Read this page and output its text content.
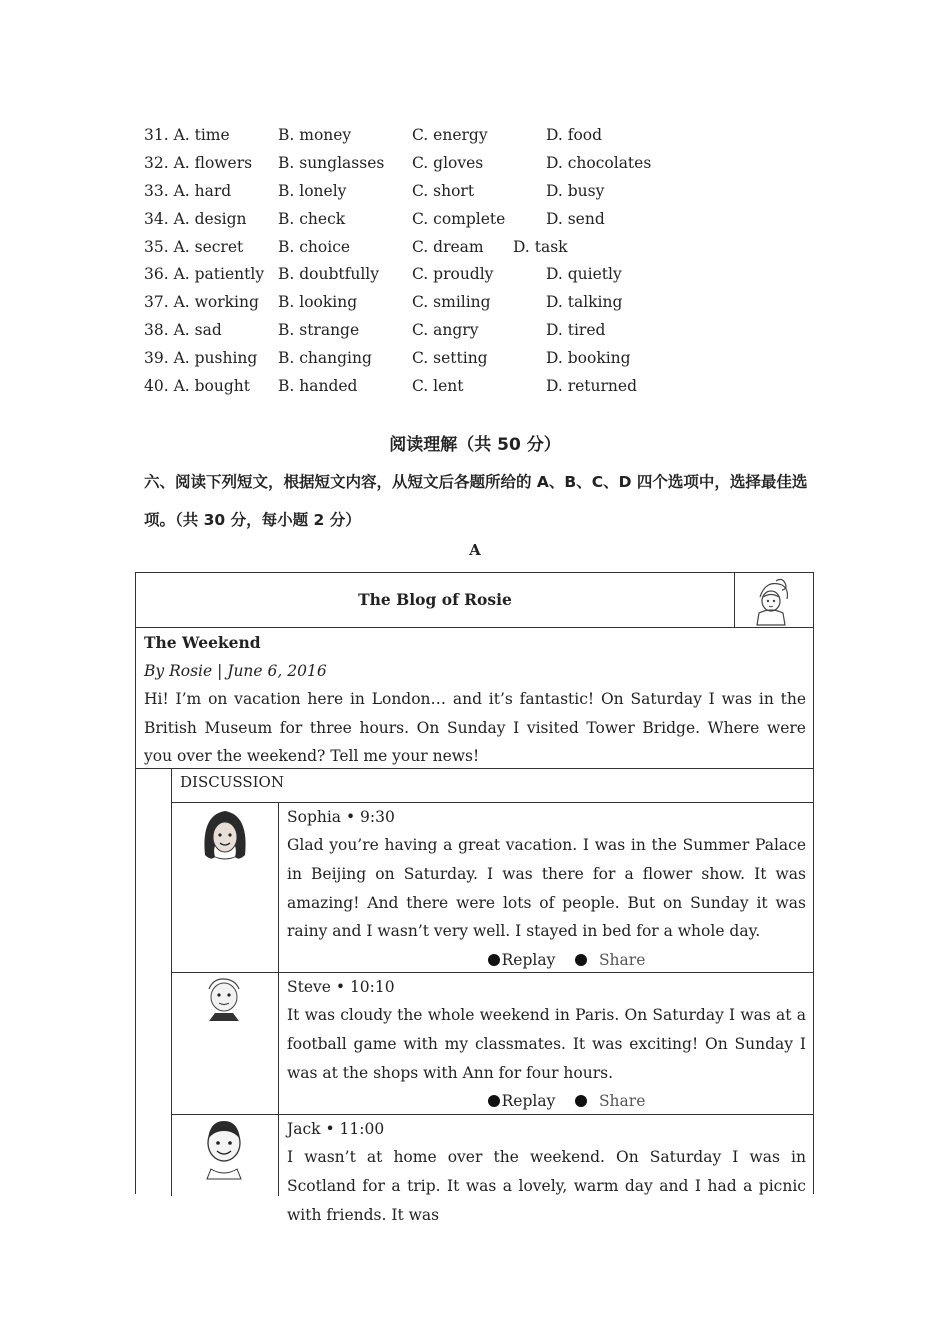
31. A. time	B. money	C. energy	D. food
32. A. flowers B. sunglasses C. gloves	D. chocolates
33. A. hard	B. lonely	C. short	D. busy
34. A. design B. check	C. complete	D. send
35. A. secret B. choice	C. dream D. task
36. A. patiently B. doubtfully C. proudly	D. quietly
37. A. working B. looking	C. smiling	D. talking
38. A. sad	B. strange	C. angry	D. tired
39. A. pushing B. changing	C. setting	D. booking
40. A. bought B. handed	C. lent	D. returned
阅读理解（共 50 分）
六、阅读下列短文，根据短文内容，从短文后各题所给的 A、B、C、D 四个选项中，选择最佳选项。（共 30 分，每小题 2 分）
A
The Blog of Rosie
The Weekend
By Rosie | June 6, 2016
Hi! I’m on vacation here in London… and it’s fantastic! On Saturday I was in the British Museum for three hours. On Sunday I visited Tower Bridge. Where were you over the weekend? Tell me your news!
DISCUSSION
Sophia • 9:30
Glad you’re having a great vacation. I was in the Summer Palace in Beijing on Saturday. I was there for a flower show. It was amazing! And there were lots of people. But on Sunday it was rainy and I wasn’t very well. I stayed in bed for a whole day.
Replay	Share
Steve • 10:10
It was cloudy the whole weekend in Paris. On Saturday I was at a football game with my classmates. It was exciting! On Sunday I was at the shops with Ann for four hours.
Replay	Share
Jack • 11:00
I wasn’t at home over the weekend. On Saturday I was in Scotland for a trip. It was a lovely, warm day and I had a picnic with friends. It was
